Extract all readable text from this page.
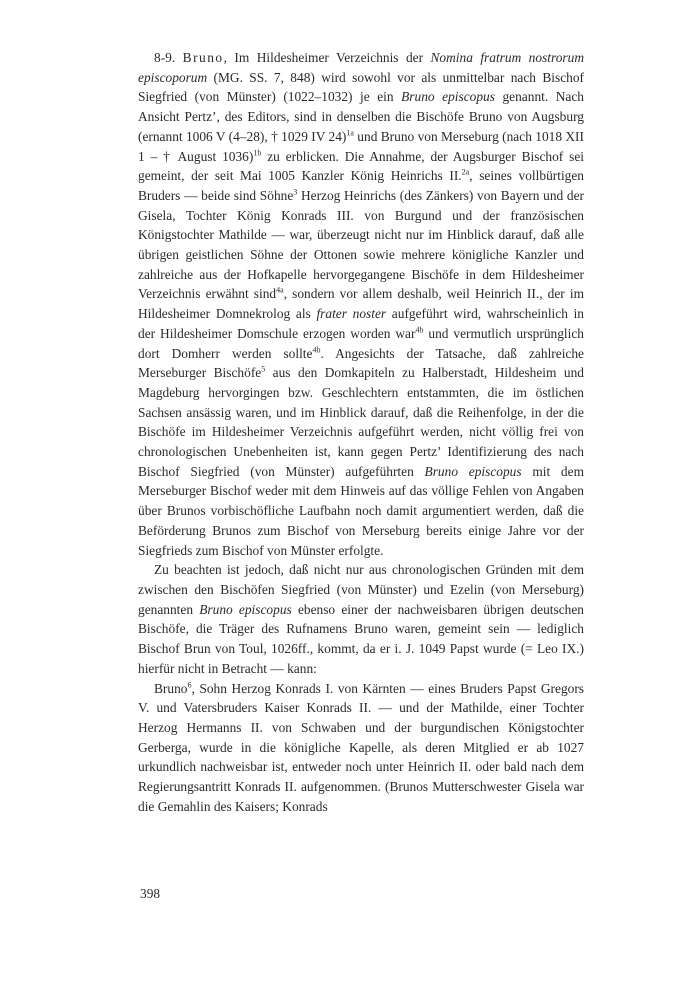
8-9. Bruno, Im Hildesheimer Verzeichnis der Nomina fratrum nostrorum episcoporum (MG. SS. 7, 848) wird sowohl vor als unmittelbar nach Bischof Siegfried (von Münster) (1022–1032) je ein Bruno episcopus genannt. Nach Ansicht Pertz’, des Editors, sind in denselben die Bischöfe Bruno von Augsburg (ernannt 1006 V (4–28), † 1029 IV 24)$^{1a}$ und Bruno von Merseburg (nach 1018 XII 1 – † August 1036)$^{1b}$ zu erblicken. Die Annahme, der Augsburger Bischof sei gemeint, der seit Mai 1005 Kanzler König Heinrichs II.$^{2a}$, seines vollbürtigen Bruders — beide sind Söhne$^3$ Herzog Heinrichs (des Zänkers) von Bayern und der Gisela, Tochter König Konrads III. von Burgund und der französischen Königstochter Mathilde — war, überzeugt nicht nur im Hinblick darauf, daß alle übrigen geistlichen Söhne der Ottonen sowie mehrere königliche Kanzler und zahlreiche aus der Hofkapelle hervorgegangene Bischöfe in dem Hildesheimer Verzeichnis erwähnt sind$^{4a}$, sondern vor allem deshalb, weil Heinrich II., der im Hildesheimer Domnekrolog als frater noster aufgeführt wird, wahrscheinlich in der Hildesheimer Domschule erzogen worden war$^{4b}$ und vermutlich ursprünglich dort Domherr werden sollte$^{4b}$. Angesichts der Tatsache, daß zahlreiche Merseburger Bischöfe$^5$ aus den Domkapiteln zu Halberstadt, Hildesheim und Magdeburg hervorgingen bzw. Geschlechtern entstammten, die im östlichen Sachsen ansässig waren, und im Hinblick darauf, daß die Reihenfolge, in der die Bischöfe im Hildesheimer Verzeichnis aufgeführt werden, nicht völlig frei von chronologischen Unebenheiten ist, kann gegen Pertz’ Identifizierung des nach Bischof Siegfried (von Münster) aufgeführten Bruno episcopus mit dem Merseburger Bischof weder mit dem Hinweis auf das völlige Fehlen von Angaben über Brunos vorbischöfliche Laufbahn noch damit argumentiert werden, daß die Beförderung Brunos zum Bischof von Merseburg bereits einige Jahre vor der Siegfrieds zum Bischof von Münster erfolgte.

Zu beachten ist jedoch, daß nicht nur aus chronologischen Gründen mit dem zwischen den Bischöfen Siegfried (von Münster) und Ezelin (von Merseburg) genannten Bruno episcopus ebenso einer der nachweisbaren übrigen deutschen Bischöfe, die Träger des Rufnamens Bruno waren, gemeint sein — lediglich Bischof Brun von Toul, 1026ff., kommt, da er i. J. 1049 Papst wurde (= Leo IX.) hierfür nicht in Betracht — kann:

Bruno$^6$, Sohn Herzog Konrads I. von Kärnten — eines Bruders Papst Gregors V. und Vatersbruders Kaiser Konrads II. — und der Mathilde, einer Tochter Herzog Hermanns II. von Schwaben und der burgundischen Königstochter Gerberga, wurde in die königliche Kapelle, als deren Mitglied er ab 1027 urkundlich nachweisbar ist, entweder noch unter Heinrich II. oder bald nach dem Regierungsantritt Konrads II. aufgenommen. (Brunos Mutterschwester Gisela war die Gemahlin des Kaisers; Konrads

398
